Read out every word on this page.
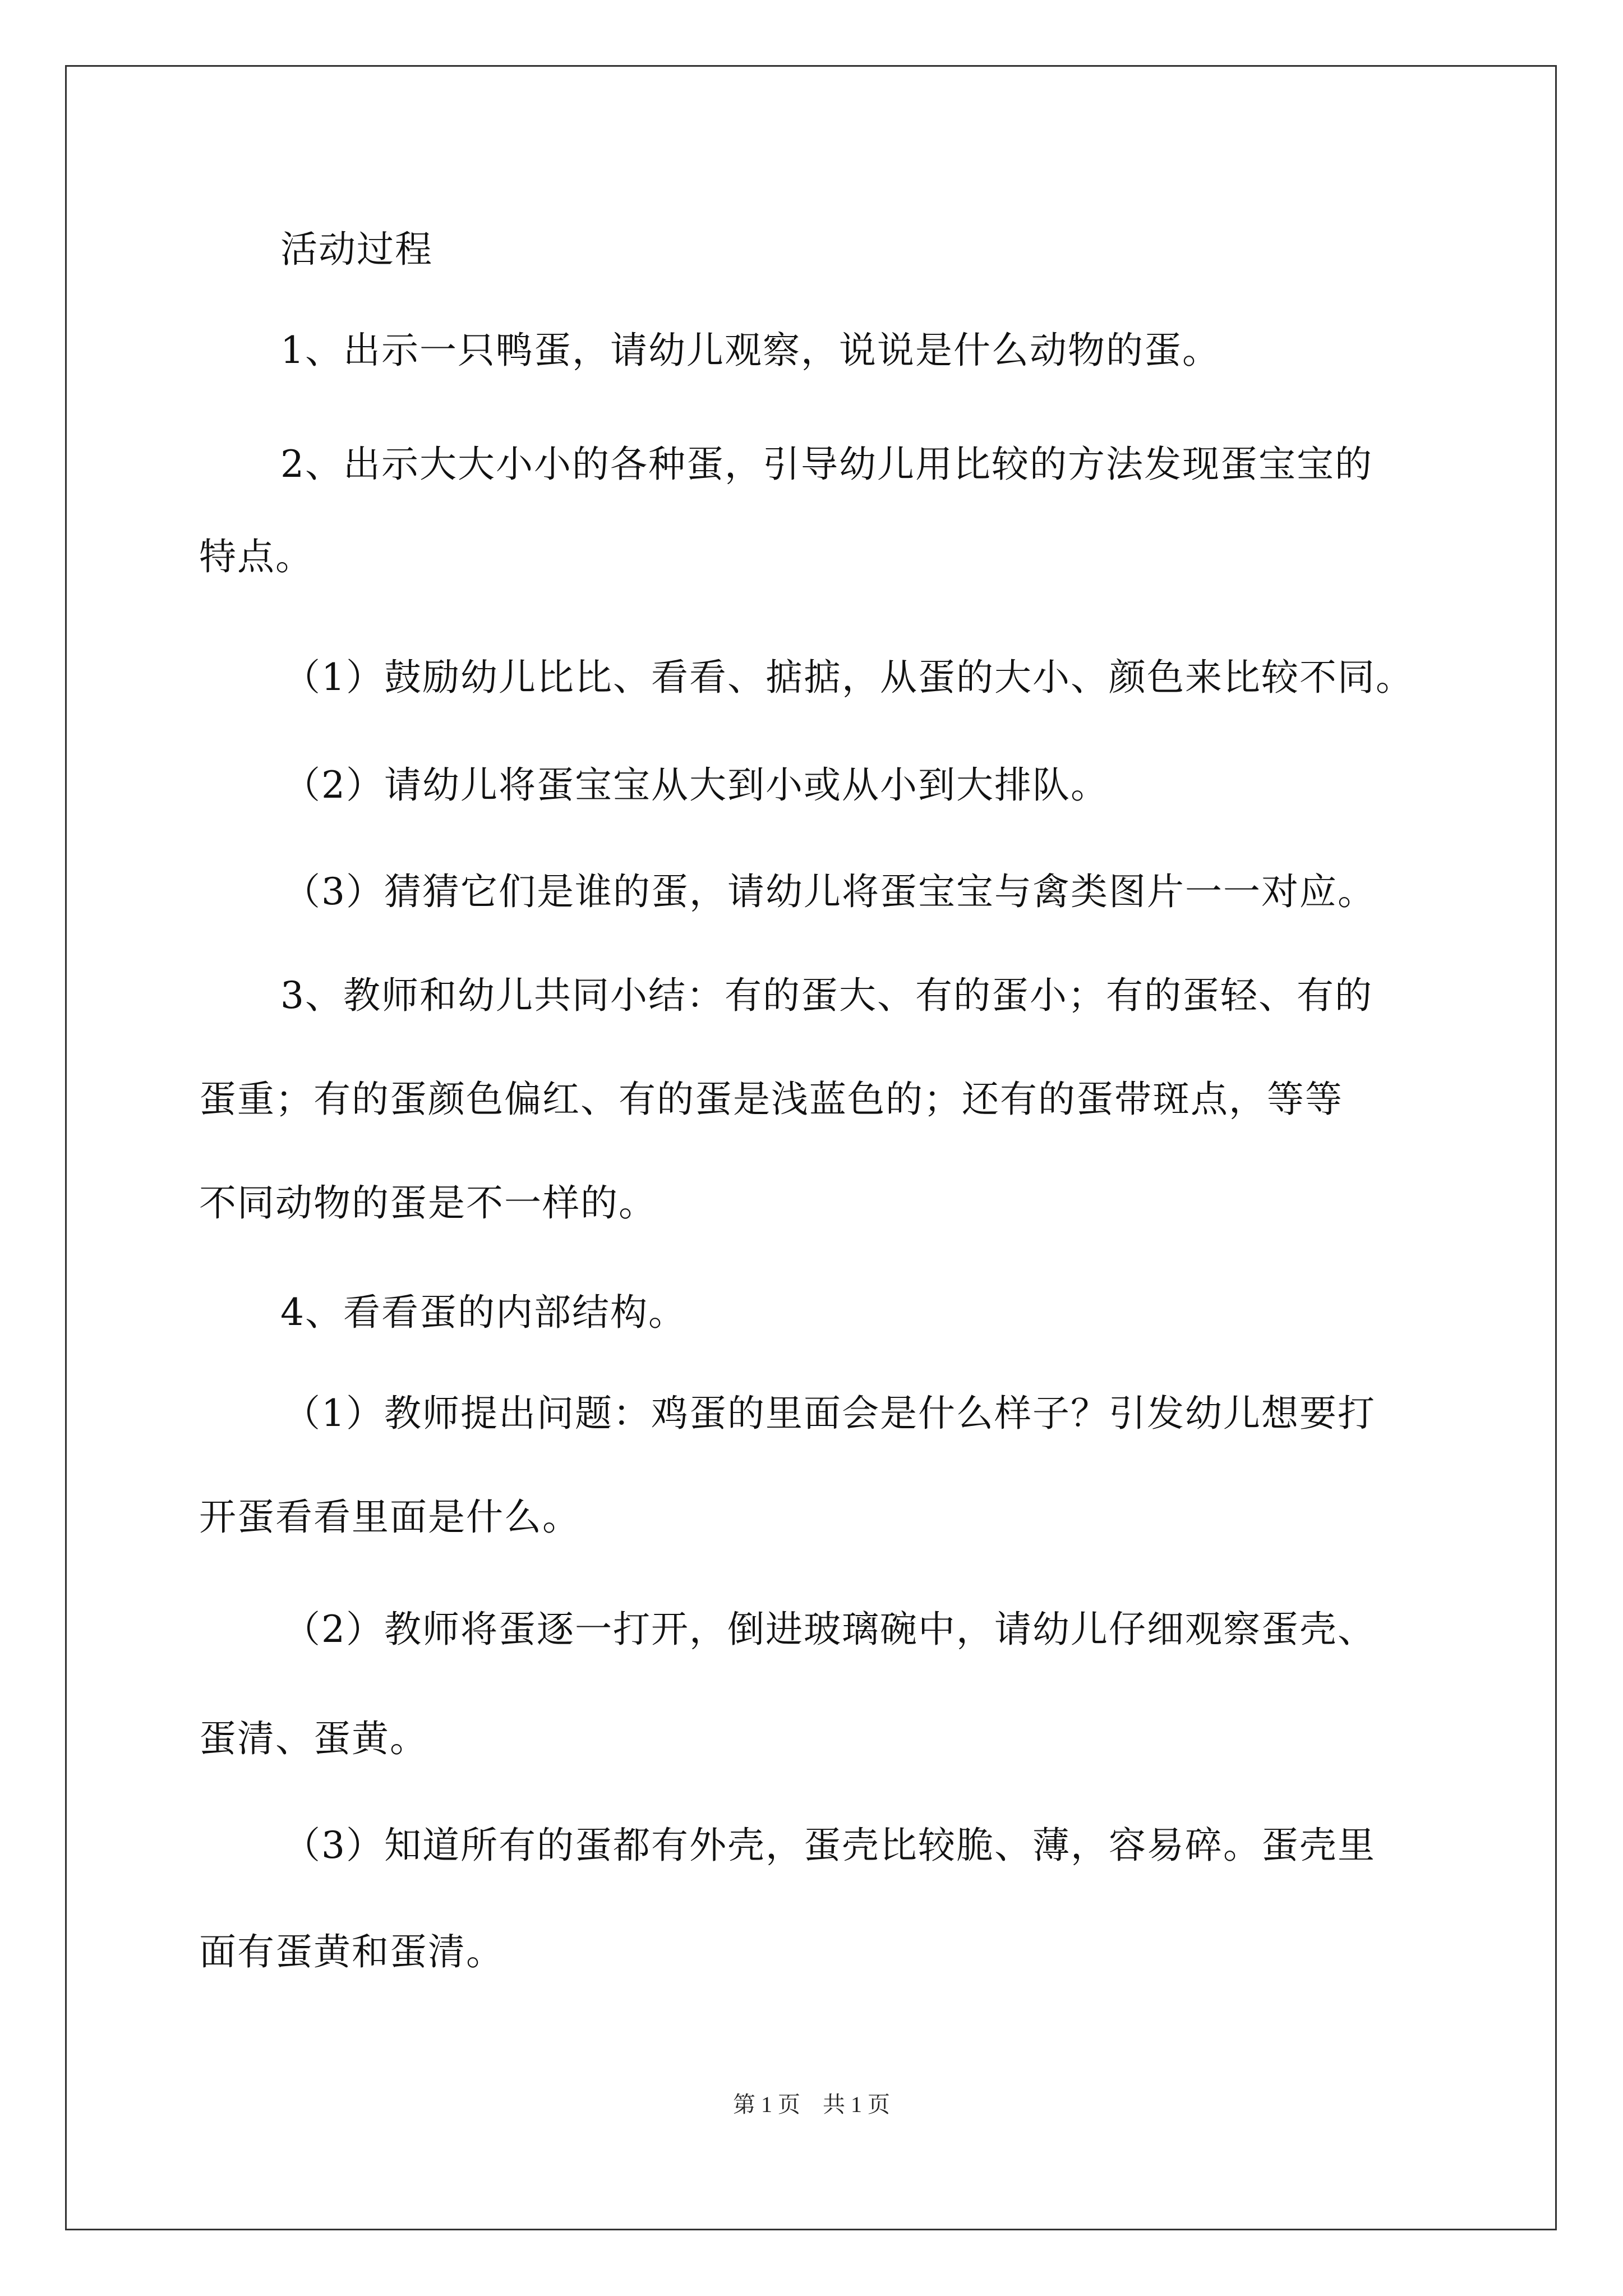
活动过程
1、出示一只鸭蛋，请幼儿观察，说说是什么动物的蛋。
2、出示大大小小的各种蛋，引导幼儿用比较的方法发现蛋宝宝的
特点。
（1）鼓励幼儿比比、看看、掂掂，从蛋的大小、颜色来比较不同。
（2）请幼儿将蛋宝宝从大到小或从小到大排队。
（3）猜猜它们是谁的蛋，请幼儿将蛋宝宝与禽类图片一一对应。
3、教师和幼儿共同小结：有的蛋大、有的蛋小；有的蛋轻、有的
蛋重；有的蛋颜色偏红、有的蛋是浅蓝色的；还有的蛋带斑点，等等
不同动物的蛋是不一样的。
4、看看蛋的内部结构。
（1）教师提出问题：鸡蛋的里面会是什么样子？引发幼儿想要打
开蛋看看里面是什么。
（2）教师将蛋逐一打开，倒进玻璃碗中，请幼儿仔细观察蛋壳、
蛋清、蛋黄。
（3）知道所有的蛋都有外壳，蛋壳比较脆、薄，容易碎。蛋壳里
面有蛋黄和蛋清。
第 1 页　共 1 页
